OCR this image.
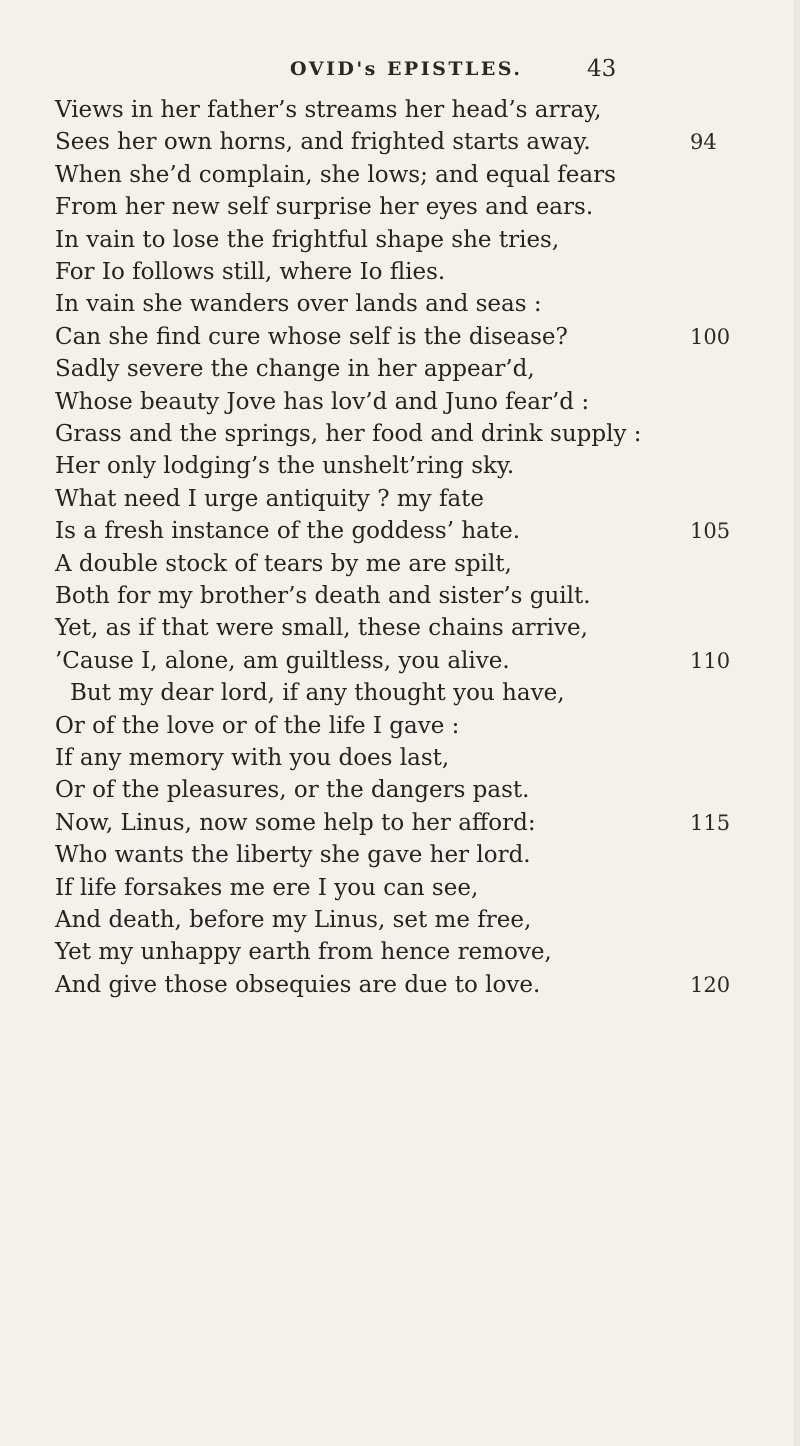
OVID's EPISTLES.	43
Views in her father’s streams her head’s array,
Sees her own horns, and frighted starts away.	94
When she’d complain, she lows; and equal fears
From her new self surprise her eyes and ears.
In vain to lose the frightful shape she tries,
For Io follows still, where Io flies.
In vain she wanders over lands and seas :
Can she find cure whose self is the disease?	100
Sadly severe the change in her appear’d,
Whose beauty Jove has lov’d and Juno fear’d :
Grass and the springs, her food and drink supply :
Her only lodging’s the unshelt’ring sky.
What need I urge antiquity ? my fate
Is a fresh instance of the goddess’ hate.	105
A double stock of tears by me are spilt,
Both for my brother’s death and sister’s guilt.
Yet, as if that were small, these chains arrive,
’Cause I, alone, am guiltless, you alive.	110
But my dear lord, if any thought you have,
Or of the love or of the life I gave :
If any memory with you does last,
Or of the pleasures, or the dangers past.
Now, Linus, now some help to her afford:	115
Who wants the liberty she gave her lord.
If life forsakes me ere I you can see,
And death, before my Linus, set me free,
Yet my unhappy earth from hence remove,
And give those obsequies are due to love.	120
